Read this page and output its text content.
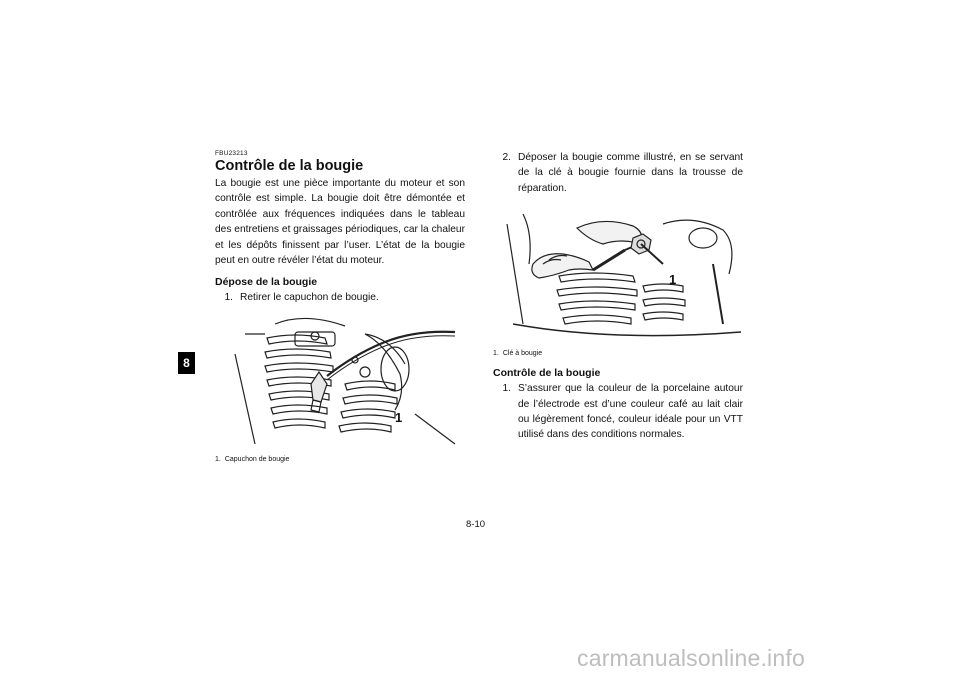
8
FBU23213
Contrôle de la bougie

La bougie est une pièce importante du moteur et son contrôle est simple. La bougie doit être démontée et contrôlée aux fréquences indiquées dans le tableau des entretiens et graissages périodiques, car la chaleur et les dépôts finissent par l’user. L’état de la bougie peut en outre révéler l’état du moteur.

Dépose de la bougie
1. Retirer le capuchon de bougie.
1
1. Capuchon de bougie
2. Déposer la bougie comme illustré, en se servant de la clé à bougie fournie dans la trousse de réparation.
1
1. Clé à bougie
Contrôle de la bougie
1. S’assurer que la couleur de la porcelaine autour de l’électrode est d’une couleur café au lait clair ou légèrement foncé, couleur idéale pour un VTT utilisé dans des conditions normales.
8-10
carmanualsonline.info
